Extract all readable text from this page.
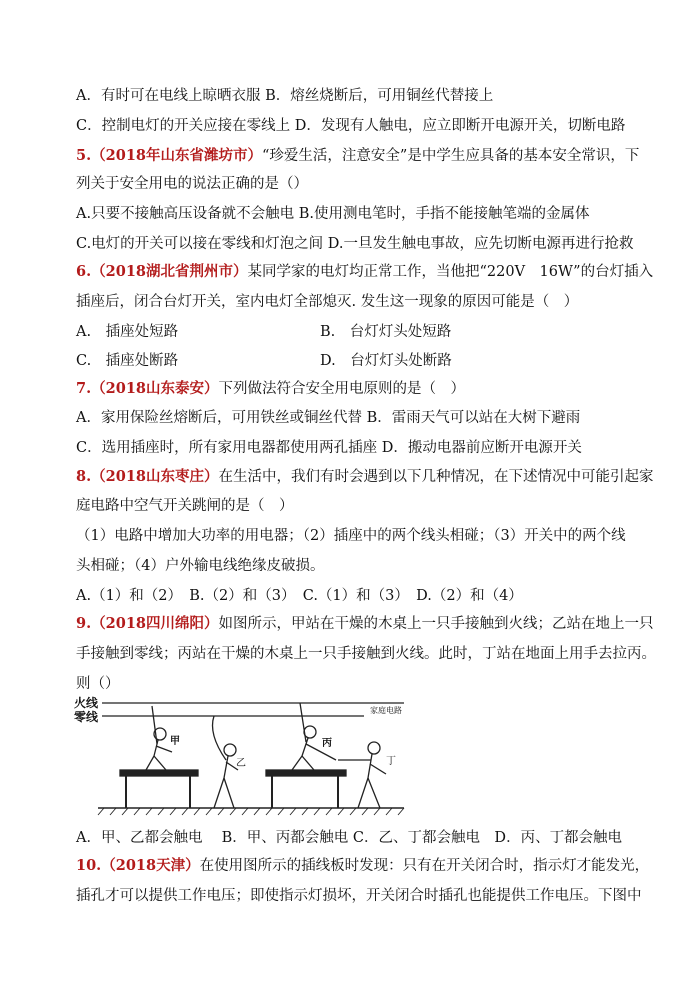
A．有时可在电线上晾晒衣服 B．熔丝烧断后，可用铜丝代替接上
C．控制电灯的开关应接在零线上 D．发现有人触电，应立即断开电源开关，切断电路
5.（2018年山东省潍坊市）“珍爱生活，注意安全”是中学生应具备的基本安全常识，下
列关于安全用电的说法正确的是（）
A.只要不接触高压设备就不会触电 B.使用测电笔时，手指不能接触笔端的金属体
C.电灯的开关可以接在零线和灯泡之间 D.一旦发生触电事故，应先切断电源再进行抢救
6.（2018湖北省荆州市）某同学家的电灯均正常工作，当他把“220V　16W”的台灯插入
插座后，闭合台灯开关，室内电灯全部熄灭. 发生这一现象的原因可能是（　）
A.　插座处短路	B.　台灯灯头处短路
C.　插座处断路	D.　台灯灯头处断路
7.（2018山东泰安）下列做法符合安全用电原则的是（　）
A．家用保险丝熔断后，可用铁丝或铜丝代替 B．雷雨天气可以站在大树下避雨
C．选用插座时，所有家用电器都使用两孔插座 D．搬动电器前应断开电源开关
8.（2018山东枣庄）在生活中，我们有时会遇到以下几种情况，在下述情况中可能引起家
庭电路中空气开关跳闸的是（　）
（1）电路中增加大功率的用电器；（2）插座中的两个线头相碰；（3）开关中的两个线
头相碰；（4）户外输电线绝缘皮破损。
A.（1）和（2）　B.（2）和（3）　C.（1）和（3）　D.（2）和（4）
9.（2018四川绵阳）如图所示，甲站在干燥的木桌上一只手接触到火线；乙站在地上一只
手接触到零线；丙站在干燥的木桌上一只手接触到火线。此时，丁站在地面上用手去拉丙。
则（）
火线
零线	家庭电路
甲
乙
丙
丁
A．甲、乙都会触电　 B．甲、丙都会触电 C．乙、丁都会触电　D．丙、丁都会触电
10.（2018天津）在使用图所示的插线板时发现：只有在开关闭合时，指示灯才能发光，
插孔才可以提供工作电压；即使指示灯损坏，开关闭合时插孔也能提供工作电压。下图中
